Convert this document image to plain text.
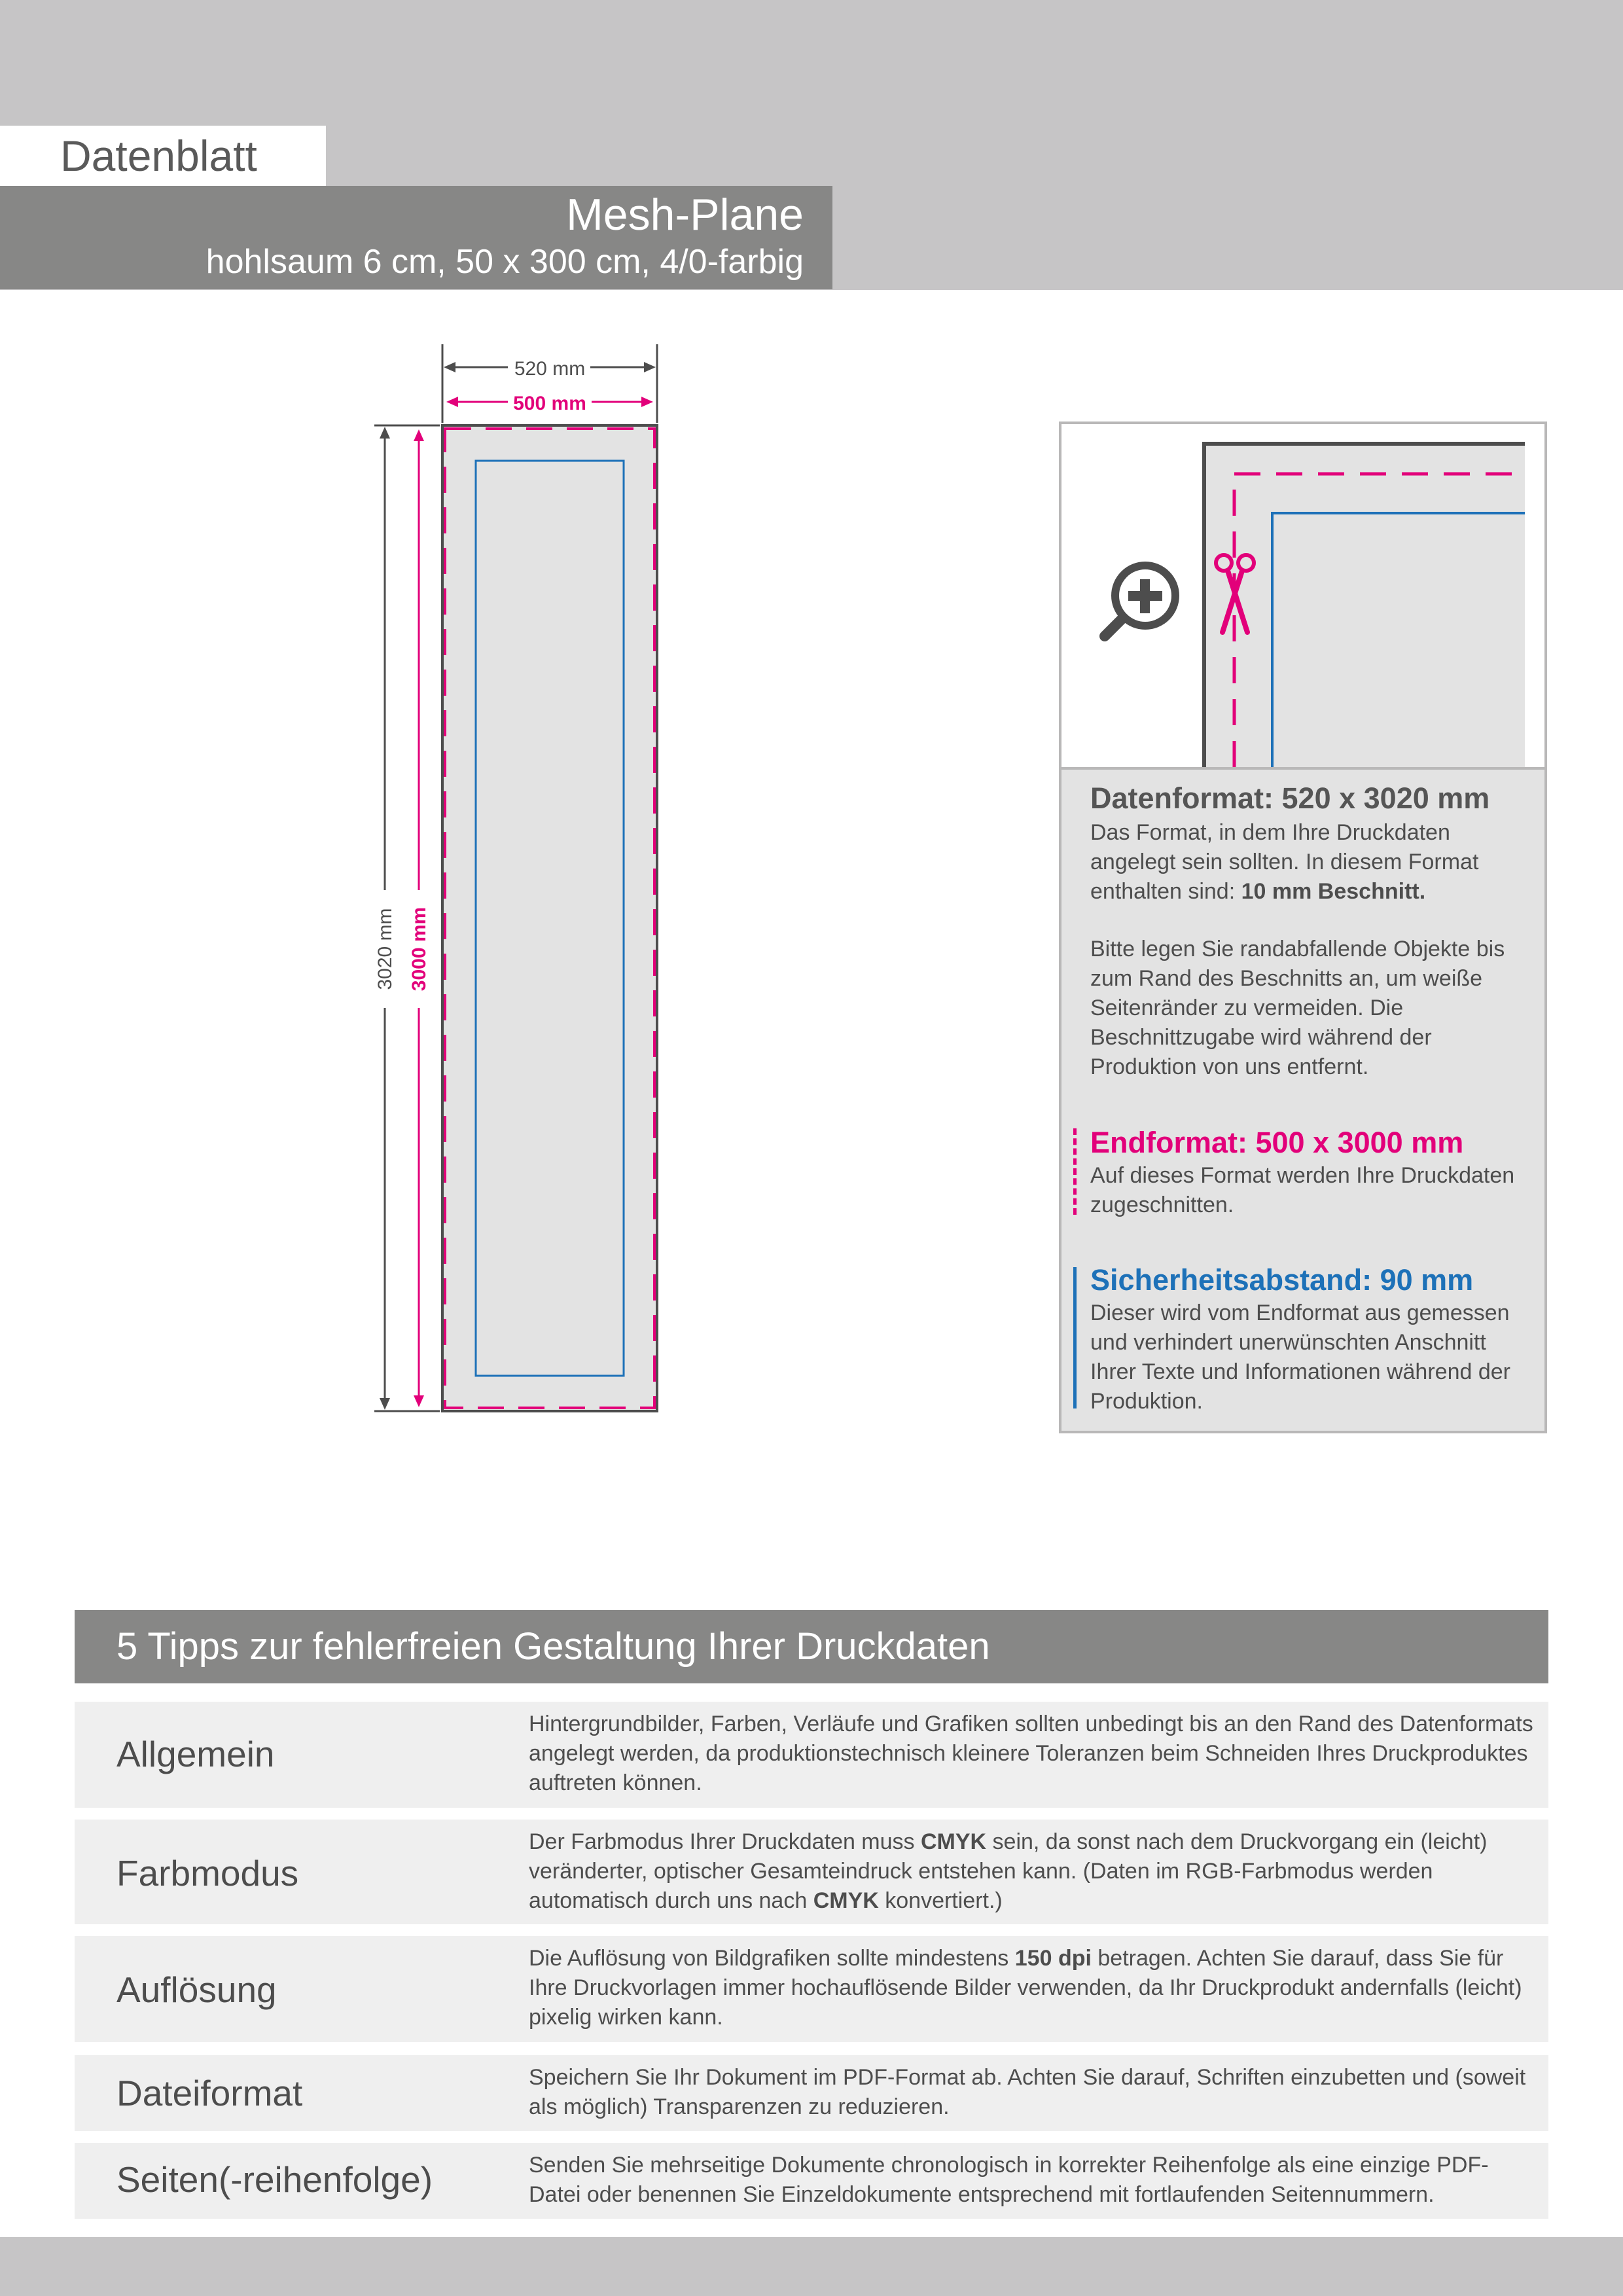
Datenblatt
Mesh-Plane
hohlsaum 6 cm, 50 x 300 cm, 4/0-farbig
520 mm
500 mm
3020 mm 3000 mm
Datenformat: 520 x 3020 mm
Das Format, in dem Ihre Druckdaten angelegt sein sollten. In diesem Format enthalten sind: 10 mm Beschnitt.
Bitte legen Sie randabfallende Objekte bis zum Rand des Beschnitts an, um weiße Seitenränder zu vermeiden. Die Beschnittzugabe wird während der Produktion von uns entfernt.
Endformat: 500 x 3000 mm
Auf dieses Format werden Ihre Druckdaten zugeschnitten.
Sicherheitsabstand: 90 mm
Dieser wird vom Endformat aus gemessen und verhindert unerwünschten Anschnitt Ihrer Texte und Informationen während der Produktion.
5 Tipps zur fehlerfreien Gestaltung Ihrer Druckdaten
Allgemein
Hintergrundbilder, Farben, Verläufe und Grafiken sollten unbedingt bis an den Rand des Datenformats angelegt werden, da produktionstechnisch kleinere Toleranzen beim Schneiden Ihres Druckproduktes auftreten können.
Farbmodus
Der Farbmodus Ihrer Druckdaten muss CMYK sein, da sonst nach dem Druckvorgang ein (leicht) veränderter, optischer Gesamteindruck entstehen kann. (Daten im RGB-Farbmodus werden automatisch durch uns nach CMYK konvertiert.)
Auflösung
Die Auflösung von Bildgrafiken sollte mindestens 150 dpi betragen. Achten Sie darauf, dass Sie für Ihre Druckvorlagen immer hochauflösende Bilder verwenden, da Ihr Druckprodukt andernfalls (leicht) pixelig wirken kann.
Dateiformat	Speichern Sie Ihr Dokument im PDF-Format ab. Achten Sie darauf, Schriften einzubetten und (soweit als möglich) Transparenzen zu reduzieren.
Seiten(-reihenfolge)	Senden Sie mehrseitige Dokumente chronologisch in korrekter Reihenfolge als eine einzige PDF-Datei oder benennen Sie Einzeldokumente entsprechend mit fortlaufenden Seitennummern.
